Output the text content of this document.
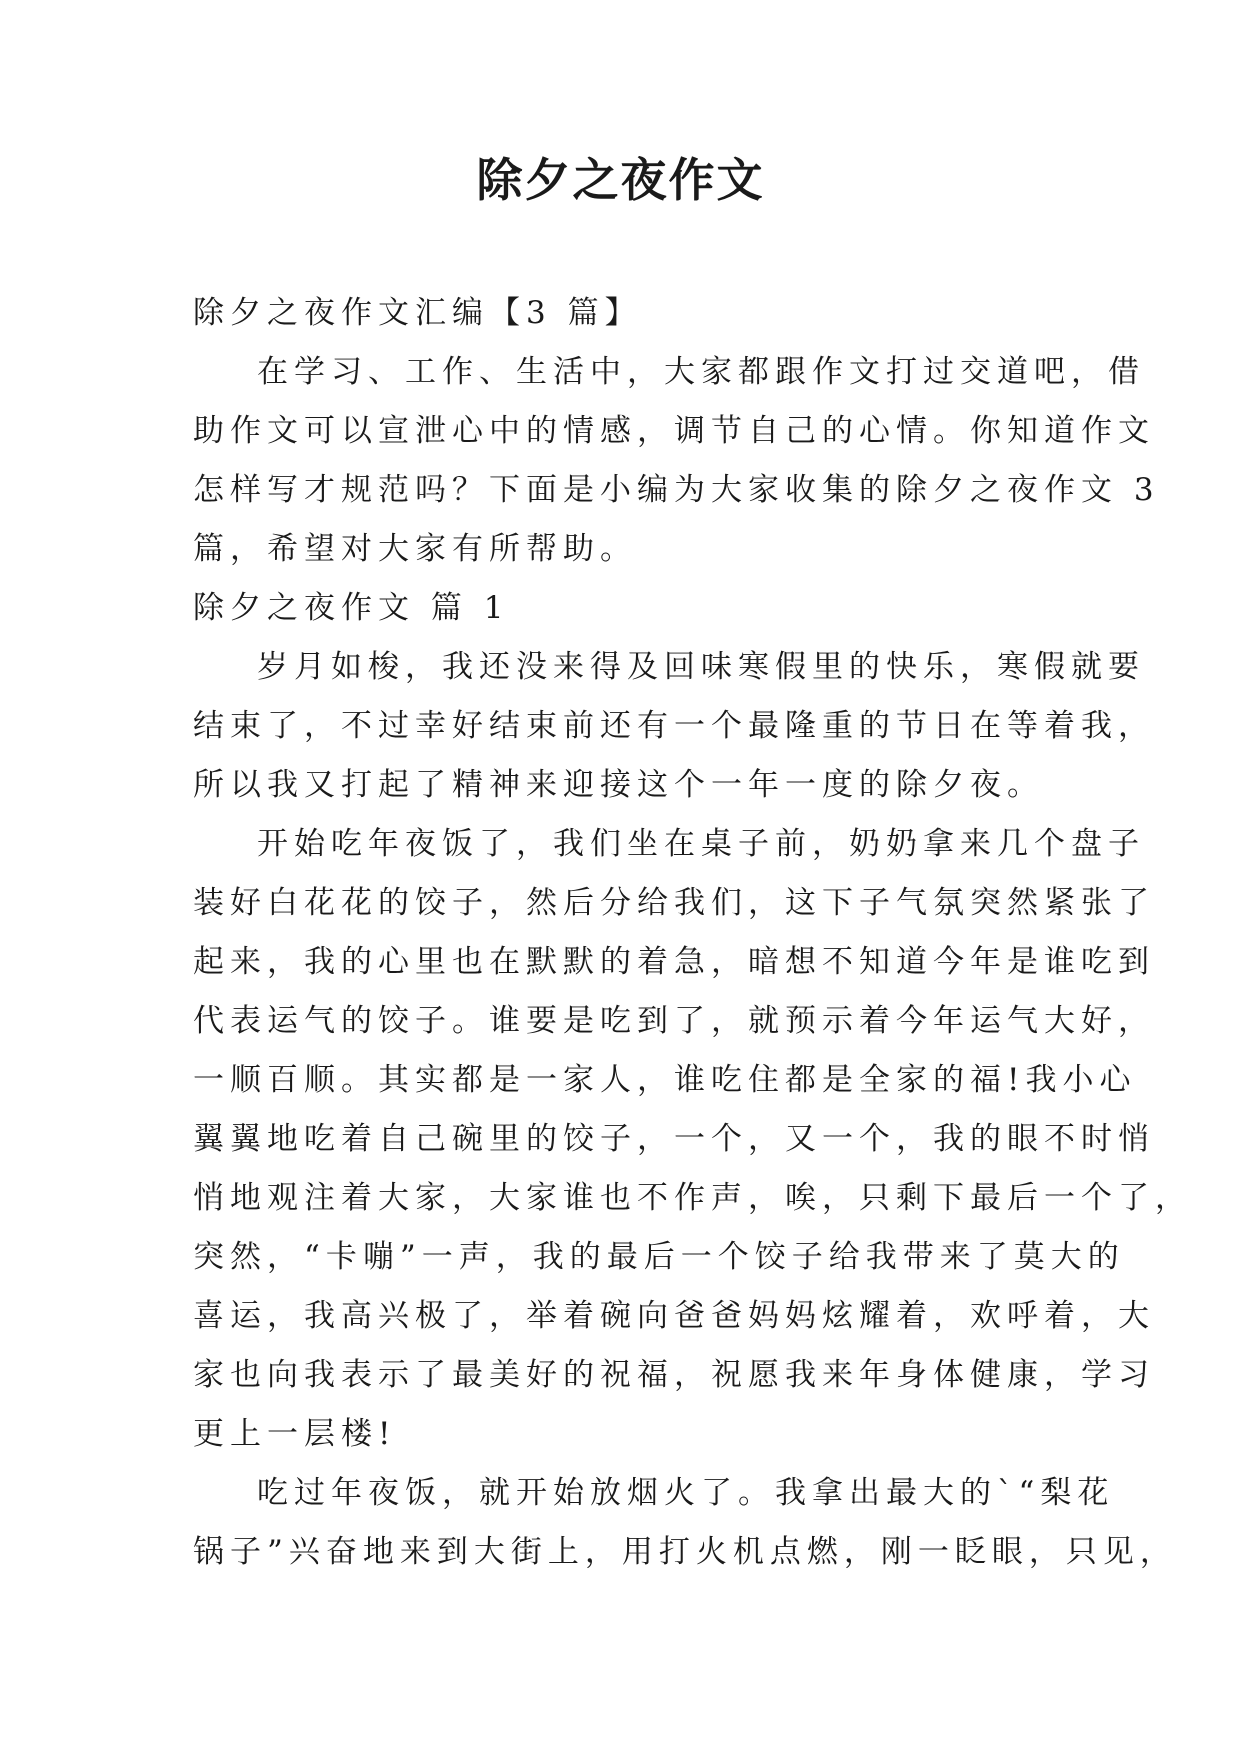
除夕之夜作文
除夕之夜作文汇编【3 篇】
在学习、工作、生活中，大家都跟作文打过交道吧，借
助作文可以宣泄心中的情感，调节自己的心情。你知道作文
怎样写才规范吗？下面是小编为大家收集的除夕之夜作文 3
篇，希望对大家有所帮助。
除夕之夜作文 篇 1
岁月如梭，我还没来得及回味寒假里的快乐，寒假就要
结束了，不过幸好结束前还有一个最隆重的节日在等着我，
所以我又打起了精神来迎接这个一年一度的除夕夜。
开始吃年夜饭了，我们坐在桌子前，奶奶拿来几个盘子
装好白花花的饺子，然后分给我们，这下子气氛突然紧张了
起来，我的心里也在默默的着急，暗想不知道今年是谁吃到
代表运气的饺子。谁要是吃到了，就预示着今年运气大好，
一顺百顺。其实都是一家人，谁吃住都是全家的福!我小心
翼翼地吃着自己碗里的饺子，一个，又一个，我的眼不时悄
悄地观注着大家，大家谁也不作声，唉，只剩下最后一个了，
突然，“卡嘣”一声，我的最后一个饺子给我带来了莫大的
喜运，我高兴极了，举着碗向爸爸妈妈炫耀着，欢呼着，大
家也向我表示了最美好的祝福，祝愿我来年身体健康，学习
更上一层楼!
吃过年夜饭，就开始放烟火了。我拿出最大的`“梨花
锅子”兴奋地来到大街上，用打火机点燃，刚一眨眼，只见，
